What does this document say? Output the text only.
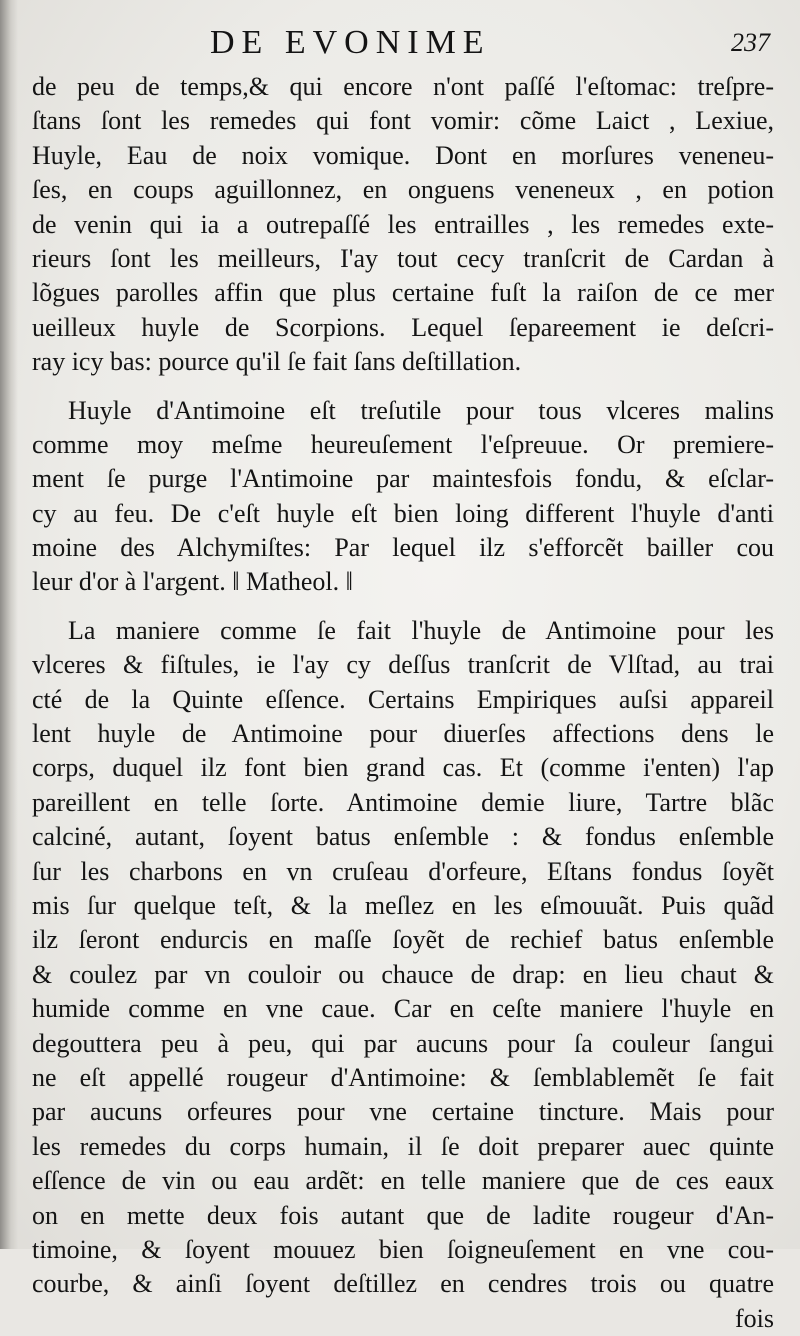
DE EVONIME	237
de peu de temps,& qui encore n'ont paſſé l'eſtomac: treſpre-
ſtans ſont les remedes qui font vomir: cõme Laict , Lexiue,
Huyle, Eau de noix vomique. Dont en morſures veneneu-
ſes, en coups aguillonnez, en onguens veneneux , en potion
de venin qui ia a outrepaſſé les entrailles , les remedes exte-
rieurs ſont les meilleurs, I'ay tout cecy tranſcrit de Cardan à
lõgues parolles affin que plus certaine fuſt la raiſon de ce mer
ueilleux huyle de Scorpions. Lequel ſepareement ie deſcri-
ray icy bas: pource qu'il ſe fait ſans deſtillation.
Huyle d'Antimoine eſt treſutile pour tous vlceres malins
comme moy meſme heureuſement l'eſpreuue. Or premiere-
ment ſe purge l'Antimoine par maintesfois fondu, & eſclar-
cy au feu. De c'eſt huyle eſt bien loing different l'huyle d'anti
moine des Alchymiſtes: Par lequel ilz s'efforcẽt bailler cou
leur d'or à l'argent. ‖ Matheol. ‖
La maniere comme ſe fait l'huyle de Antimoine pour les
vlceres & fiſtules, ie l'ay cy deſſus tranſcrit de Vlſtad, au trai
cté de la Quinte eſſence. Certains Empiriques auſsi appareil
lent huyle de Antimoine pour diuerſes affections dens le
corps, duquel ilz font bien grand cas. Et (comme i'enten) l'ap
pareillent en telle ſorte. Antimoine demie liure, Tartre blãc
calciné, autant, ſoyent batus enſemble : & fondus enſemble
ſur les charbons en vn cruſeau d'orfeure, Eſtans fondus ſoyẽt
mis ſur quelque teſt, & la meſlez en les eſmouuãt. Puis quãd
ilz ſeront endurcis en maſſe ſoyẽt de rechief batus enſemble
& coulez par vn couloir ou chauce de drap: en lieu chaut &
humide comme en vne caue. Car en ceſte maniere l'huyle en
degouttera peu à peu, qui par aucuns pour ſa couleur ſangui
ne eſt appellé rougeur d'Antimoine: & ſemblablemẽt ſe fait
par aucuns orfeures pour vne certaine tincture. Mais pour
les remedes du corps humain, il ſe doit preparer auec quinte
eſſence de vin ou eau ardẽt: en telle maniere que de ces eaux
on en mette deux fois autant que de ladite rougeur d'An-
timoine, & ſoyent mouuez bien ſoigneuſement en vne cou-
courbe, & ainſi ſoyent deſtillez en cendres trois ou quatre
fois
